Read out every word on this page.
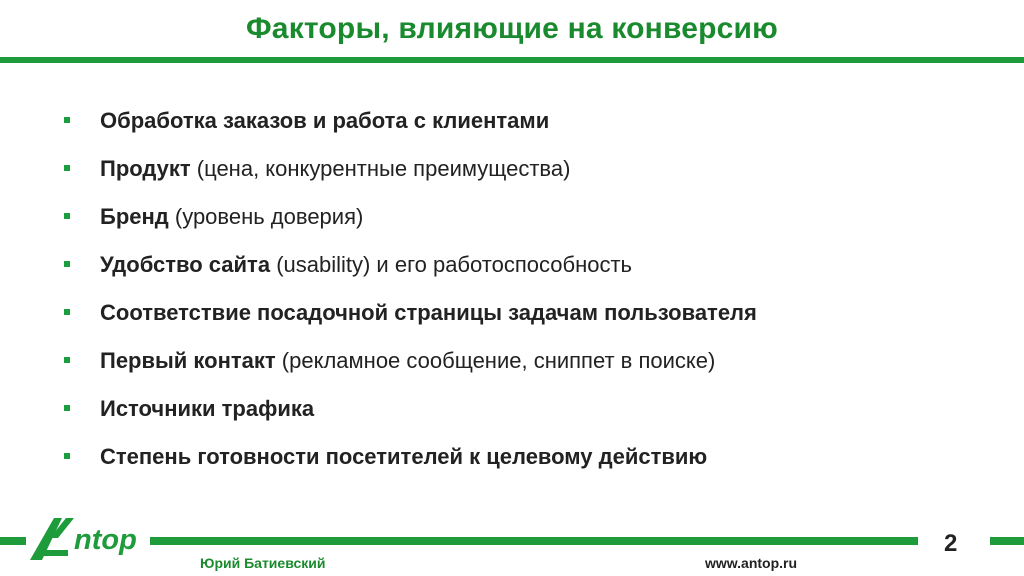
Факторы, влияющие на конверсию
Обработка заказов и работа с клиентами
Продукт (цена, конкурентные преимущества)
Бренд (уровень доверия)
Удобство сайта (usability) и его работоспособность
Соответствие посадочной страницы задачам пользователя
Первый контакт (рекламное сообщение, сниппет в поиске)
Источники трафика
Степень готовности посетителей к целевому действию
ntop	2
Юрий Батиевский	www.antop.ru
